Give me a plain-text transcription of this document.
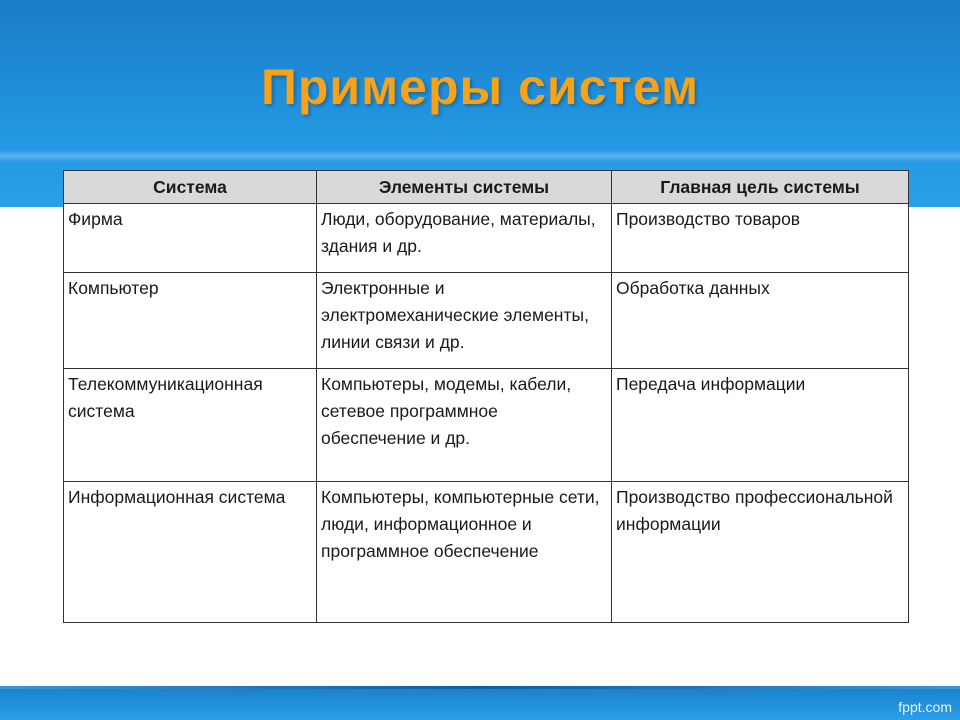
Примеры систем
Система	Элементы системы	Главная цель системы
Фирма	Люди, оборудование, материалы, здания и др.	Производство товаров
Компьютер	Электронные и электромеханические элементы, линии связи и др.	Обработка данных
Телекоммуникационная система	Компьютеры, модемы, кабели, сетевое программное обеспечение и др.	Передача информации
Информационная система	Компьютеры, компьютерные сети, люди, информационное и программное обеспечение	Производство профессиональной информации
fppt.com
